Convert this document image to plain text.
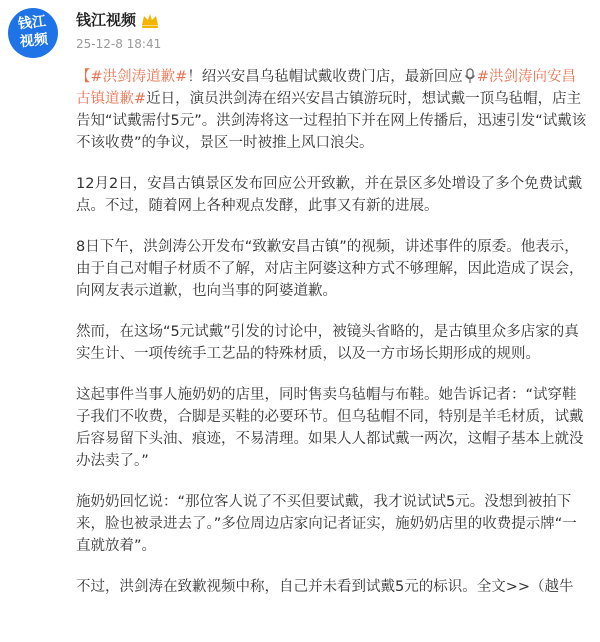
钱江
视频
钱江视频
25-12-8 18:41

【#洪剑涛道歉#！绍兴安昌乌毡帽试戴收费门店，最新回应 #洪剑涛向安昌古镇道歉#近日，演员洪剑涛在绍兴安昌古镇游玩时，想试戴一顶乌毡帽，店主告知“试戴需付5元”。洪剑涛将这一过程拍下并在网上传播后，迅速引发“试戴该不该收费”的争议，景区一时被推上风口浪尖。

12月2日，安昌古镇景区发布回应公开致歉，并在景区多处增设了多个免费试戴点。不过，随着网上各种观点发酵，此事又有新的进展。

8日下午，洪剑涛公开发布“致歉安昌古镇”的视频，讲述事件的原委。他表示，由于自己对帽子材质不了解，对店主阿婆这种方式不够理解，因此造成了误会，向网友表示道歉，也向当事的阿婆道歉。

然而，在这场“5元试戴”引发的讨论中，被镜头省略的，是古镇里众多店家的真实生计、一项传统手工艺品的特殊材质，以及一方市场长期形成的规则。

这起事件当事人施奶奶的店里，同时售卖乌毡帽与布鞋。她告诉记者：“试穿鞋子我们不收费，合脚是买鞋的必要环节。但乌毡帽不同，特别是羊毛材质，试戴后容易留下头油、痕迹，不易清理。如果人人都试戴一两次，这帽子基本上就没办法卖了。”

施奶奶回忆说：“那位客人说了不买但要试戴，我才说试试5元。没想到被拍下来，脸也被录进去了。”多位周边店家向记者证实，施奶奶店里的收费提示牌“一直就放着”。

不过，洪剑涛在致歉视频中称，自己并未看到试戴5元的标识。全文>>（越牛
